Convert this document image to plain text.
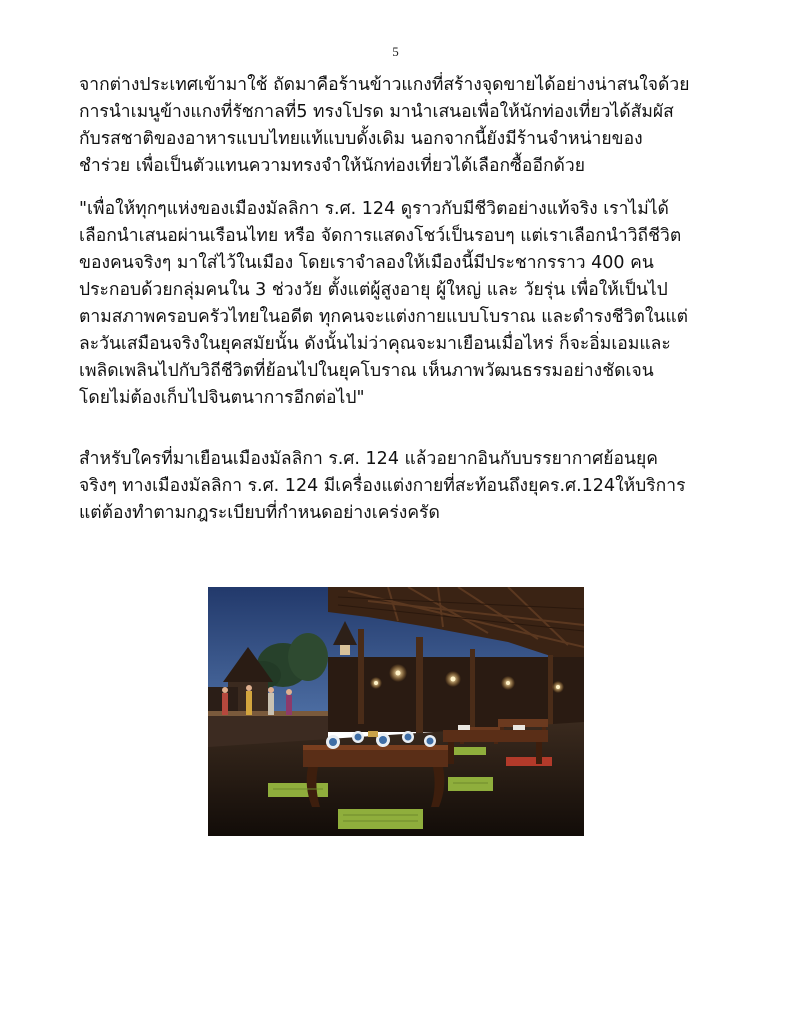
5
จากต่างประเทศเข้ามาใช้ ถัดมาคือร้านข้าวแกงที่สร้างจุดขายได้อย่างน่าสนใจด้วย
การนำเมนูข้างแกงที่รัชกาลที่5 ทรงโปรด มานำเสนอเพื่อให้นักท่องเที่ยวได้สัมผัส
กับรสชาติของอาหารแบบไทยแท้แบบดั้งเดิม นอกจากนี้ยังมีร้านจำหน่ายของ
ชำร่วย เพื่อเป็นตัวแทนความทรงจำให้นักท่องเที่ยวได้เลือกซื้ออีกด้วย
"เพื่อให้ทุกๆแห่งของเมืองมัลลิกา ร.ศ. 124 ดูราวกับมีชีวิตอย่างแท้จริง เราไม่ได้
เลือกนำเสนอผ่านเรือนไทย หรือ จัดการแสดงโชว์เป็นรอบๆ แต่เราเลือกนำวิถีชีวิต
ของคนจริงๆ มาใส่ไว้ในเมือง โดยเราจำลองให้เมืองนี้มีประชากรราว 400 คน
ประกอบด้วยกลุ่มคนใน 3 ช่วงวัย ตั้งแต่ผู้สูงอายุ ผู้ใหญ่ และ วัยรุ่น เพื่อให้เป็นไป
ตามสภาพครอบครัวไทยในอดีต ทุกคนจะแต่งกายแบบโบราณ และดำรงชีวิตในแต่
ละวันเสมือนจริงในยุคสมัยนั้น ดังนั้นไม่ว่าคุณจะมาเยือนเมื่อไหร่ ก็จะอิ่มเอมและ
เพลิดเพลินไปกับวิถีชีวิตที่ย้อนไปในยุคโบราณ เห็นภาพวัฒนธรรมอย่างชัดเจน
โดยไม่ต้องเก็บไปจินตนาการอีกต่อไป"
สำหรับใครที่มาเยือนเมืองมัลลิกา ร.ศ. 124 แล้วอยากอินกับบรรยากาศย้อนยุค
จริงๆ ทางเมืองมัลลิกา ร.ศ. 124 มีเครื่องแต่งกายที่สะท้อนถึงยุคร.ศ.124ให้บริการ
แต่ต้องทำตามกฎระเบียบที่กำหนดอย่างเคร่งครัด
